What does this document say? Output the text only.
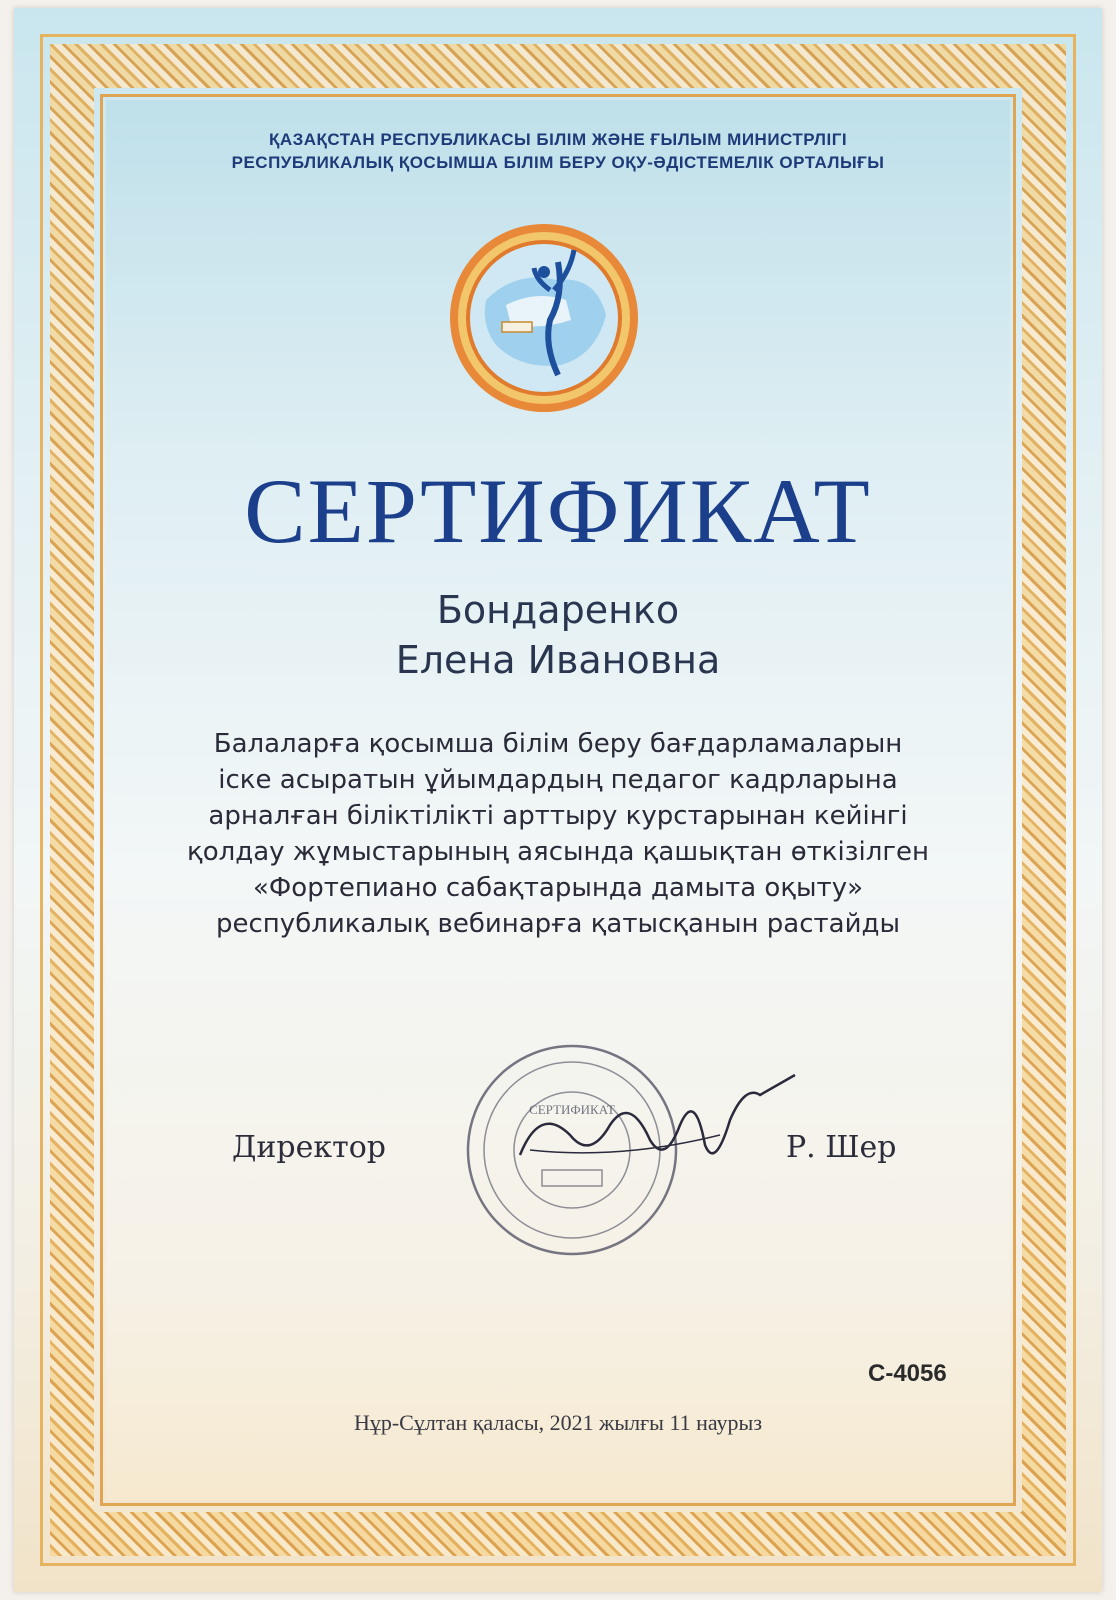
ҚАЗАҚСТАН РЕСПУБЛИКАСЫ БІЛІМ ЖӘНЕ ҒЫЛЫМ МИНИСТРЛІГІ
РЕСПУБЛИКАЛЫҚ ҚОСЫМША БІЛІМ БЕРУ ОҚУ-ӘДІСТЕМЕЛІК ОРТАЛЫҒЫ
СЕРТИФИКАТ
Бондаренко
Елена Ивановна
Балаларға қосымша білім беру бағдарламаларын
іске асыратын ұйымдардың педагог кадрларына
арналған біліктілікті арттыру курстарынан кейінгі
қолдау жұмыстарының аясында қашықтан өткізілген
«Фортепиано сабақтарында дамыта оқыту»
республикалық вебинарға қатысқанын растайды
Директор
СЕРТИФИКАТ
Р. Шер
С-4056
Нұр-Сұлтан қаласы, 2021 жылғы 11 наурыз
